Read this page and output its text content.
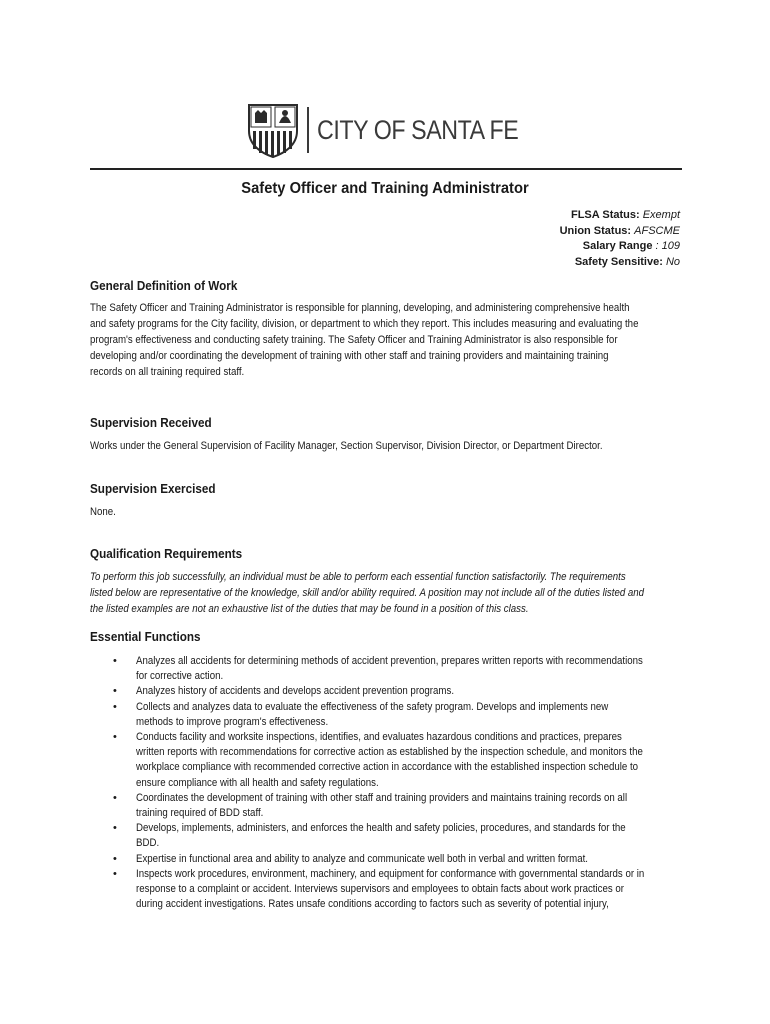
CITY OF SANTA FE
Safety Officer and Training Administrator
FLSA Status: Exempt
Union Status: AFSCME
Salary Range : 109
Safety Sensitive: No
General Definition of Work
The Safety Officer and Training Administrator is responsible for planning, developing, and administering comprehensive health
and safety programs for the City facility, division, or department to which they report. This includes measuring and evaluating the
program's effectiveness and conducting safety training. The Safety Officer and Training Administrator is also responsible for
developing and/or coordinating the development of training with other staff and training providers and maintaining training
records on all training required staff.
Supervision Received
Works under the General Supervision of Facility Manager, Section Supervisor, Division Director, or Department Director.
Supervision Exercised
None.
Qualification Requirements
To perform this job successfully, an individual must be able to perform each essential function satisfactorily. The requirements
listed below are representative of the knowledge, skill and/or ability required. A position may not include all of the duties listed and
the listed examples are not an exhaustive list of the duties that may be found in a position of this class.
Essential Functions
• Analyzes all accidents for determining methods of accident prevention, prepares written reports with recommendations
for corrective action.
• Analyzes history of accidents and develops accident prevention programs.
• Collects and analyzes data to evaluate the effectiveness of the safety program. Develops and implements new
methods to improve program's effectiveness.
• Conducts facility and worksite inspections, identifies, and evaluates hazardous conditions and practices, prepares
written reports with recommendations for corrective action as established by the inspection schedule, and monitors the
workplace compliance with recommended corrective action in accordance with the established inspection schedule to
ensure compliance with all health and safety regulations.
• Coordinates the development of training with other staff and training providers and maintains training records on all
training required of BDD staff.
• Develops, implements, administers, and enforces the health and safety policies, procedures, and standards for the
BDD.
• Expertise in functional area and ability to analyze and communicate well both in verbal and written format.
• Inspects work procedures, environment, machinery, and equipment for conformance with governmental standards or in
response to a complaint or accident. Interviews supervisors and employees to obtain facts about work practices or
during accident investigations. Rates unsafe conditions according to factors such as severity of potential injury,
